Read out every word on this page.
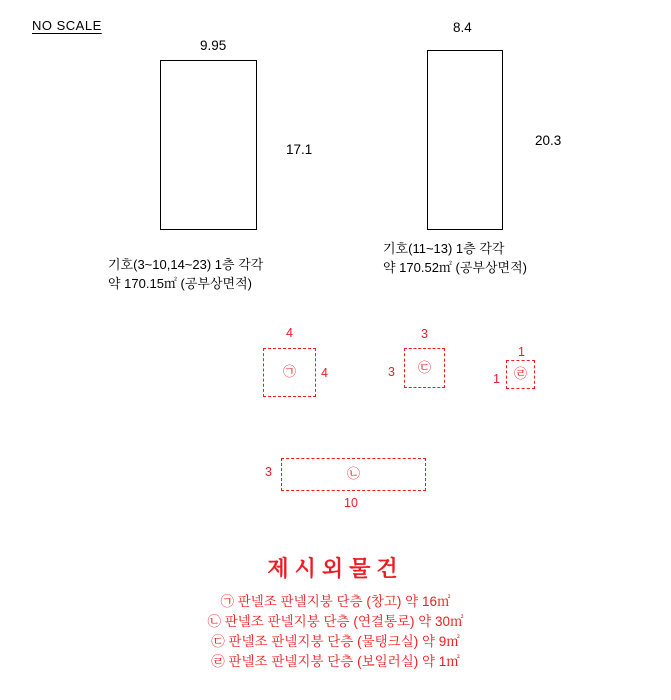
NO SCALE
9.95
17.1
기호(3~10,14~23) 1층 각각
약 170.15㎡ (공부상면적)
8.4
20.3
기호(11~13) 1층 각각
약 170.52㎡ (공부상면적)
㉠
4
4	㉢
3
3	㉣
1
1
㉡
3
10
제시외물건
㉠ 판넬조 판넬지붕 단층 (창고) 약 16㎡
㉡ 판넬조 판넬지붕 단층 (연결통로) 약 30㎡
㉢ 판넬조 판넬지붕 단층 (물탱크실) 약 9㎡
㉣ 판넬조 판넬지붕 단층 (보일러실) 약 1㎡
